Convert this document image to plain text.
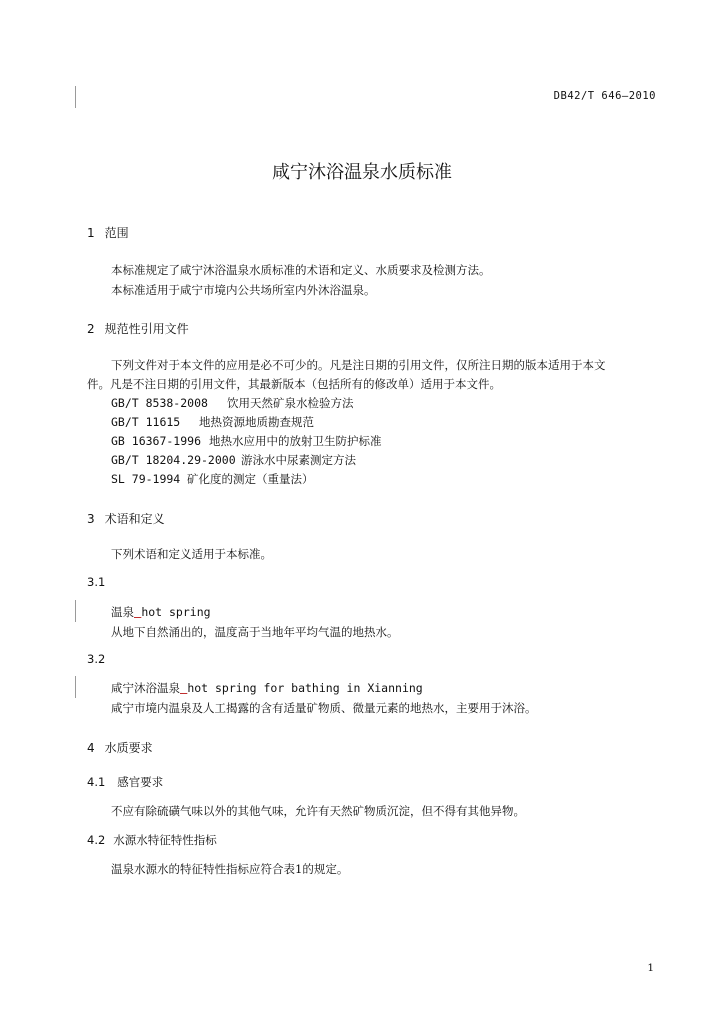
DB42/T 646—2010
咸宁沐浴温泉水质标准
1 范围
本标准规定了咸宁沐浴温泉水质标准的术语和定义、水质要求及检测方法。
本标准适用于咸宁市境内公共场所室内外沐浴温泉。
2 规范性引用文件
下列文件对于本文件的应用是必不可少的。凡是注日期的引用文件，仅所注日期的版本适用于本文
件。凡是不注日期的引用文件，其最新版本（包括所有的修改单）适用于本文件。
GB/T 8538-2008 饮用天然矿泉水检验方法
GB/T 11615 地热资源地质勘查规范
GB 16367-1996 地热水应用中的放射卫生防护标准
GB/T 18204.29-2000 游泳水中尿素测定方法
SL 79-1994 矿化度的测定（重量法）
3 术语和定义
下列术语和定义适用于本标准。
3.1
温泉 hot spring
从地下自然涌出的，温度高于当地年平均气温的地热水。
3.2
咸宁沐浴温泉 hot spring for bathing in Xianning
咸宁市境内温泉及人工揭露的含有适量矿物质、微量元素的地热水，主要用于沐浴。
4 水质要求
4.1 感官要求
不应有除硫磺气味以外的其他气味，允许有天然矿物质沉淀，但不得有其他异物。
4.2 水源水特征特性指标
温泉水源水的特征特性指标应符合表1的规定。
1
